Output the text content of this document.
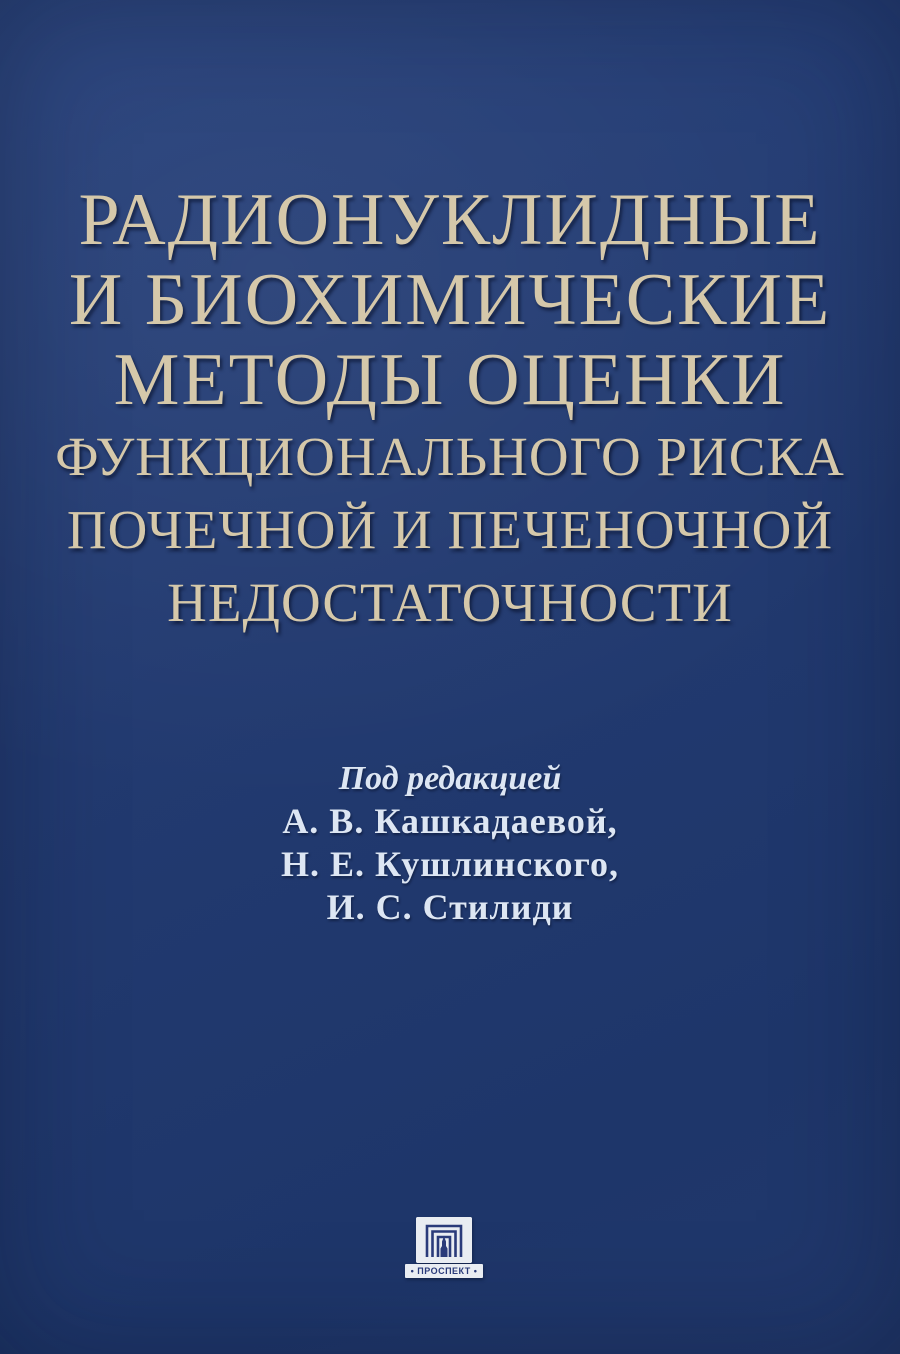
РАДИОНУКЛИДНЫЕ
И БИОХИМИЧЕСКИЕ
МЕТОДЫ ОЦЕНКИ
ФУНКЦИОНАЛЬНОГО РИСКА
ПОЧЕЧНОЙ И ПЕЧЕНОЧНОЙ
НЕДОСТАТОЧНОСТИ
Под редакцией
А. В. Кашкадаевой,
Н. Е. Кушлинского,
И. С. Стилиди
• ПРОСПЕКТ •
